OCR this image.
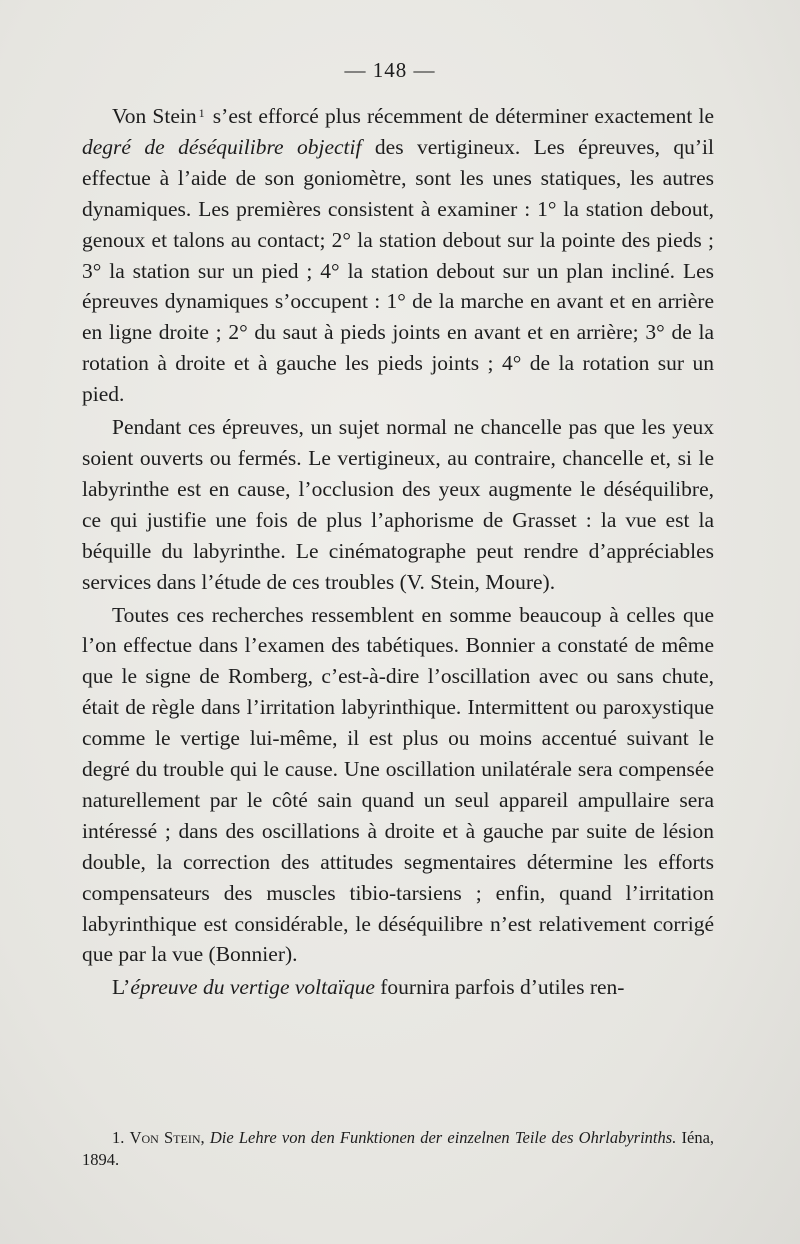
— 148 —

Von Stein $^1$ s’est efforcé plus récemment de déterminer exactement le degré de déséquilibre objectif des vertigineux. Les épreuves, qu’il effectue à l’aide de son goniomètre, sont les unes statiques, les autres dynamiques. Les premières consistent à examiner : 1° la station debout, genoux et talons au contact; 2° la station debout sur la pointe des pieds ; 3° la station sur un pied ; 4° la station debout sur un plan incliné. Les épreuves dynamiques s’occupent : 1° de la marche en avant et en arrière en ligne droite ; 2° du saut à pieds joints en avant et en arrière; 3° de la rotation à droite et à gauche les pieds joints ; 4° de la rotation sur un pied.

Pendant ces épreuves, un sujet normal ne chancelle pas que les yeux soient ouverts ou fermés. Le vertigineux, au contraire, chancelle et, si le labyrinthe est en cause, l’occlusion des yeux augmente le déséquilibre, ce qui justifie une fois de plus l’aphorisme de Grasset : la vue est la béquille du labyrinthe. Le cinématographe peut rendre d’appréciables services dans l’étude de ces troubles (V. Stein, Moure).

Toutes ces recherches ressemblent en somme beaucoup à celles que l’on effectue dans l’examen des tabétiques. Bonnier a constaté de même que le signe de Romberg, c’est-à-dire l’oscillation avec ou sans chute, était de règle dans l’irritation labyrinthique. Intermittent ou paroxystique comme le vertige lui-même, il est plus ou moins accentué suivant le degré du trouble qui le cause. Une oscillation unilatérale sera compensée naturellement par le côté sain quand un seul appareil ampullaire sera intéressé ; dans des oscillations à droite et à gauche par suite de lésion double, la correction des attitudes segmentaires détermine les efforts compensateurs des muscles tibio-tarsiens ; enfin, quand l’irritation labyrinthique est considérable, le déséquilibre n’est relativement corrigé que par la vue (Bonnier).

L’épreuve du vertige voltaïque fournira parfois d’utiles ren-

1. Von Stein, Die Lehre von den Funktionen der einzelnen Teile des Ohrlabyrinths. Iéna, 1894.
